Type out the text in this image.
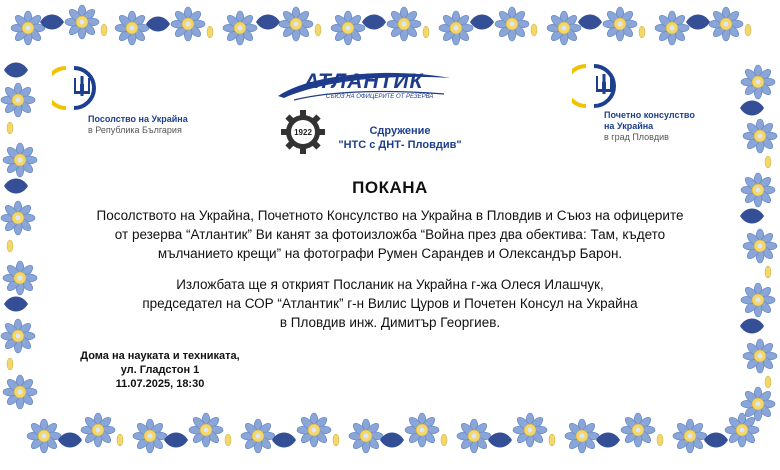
Посолство на Украйна
в Република България
Почетно консулство
на Украйна
в град Пловдив
АТЛАНТИК
СЪЮЗ НА ОФИЦЕРИТЕ ОТ РЕЗЕРВА
1922	Сдружение
"НТС с ДНТ- Пловдив"
ПОКАНА
Посолството на Украйна, Почетното Консулство на Украйна в Пловдив и Съюз на офицерите
от резерва “Атлантик” Ви канят за фотоизложба “Война през два обектива: Там, където
мълчанието крещи” на фотографи Румен Сарандев и Олександър Барон.
Изложбата ще я открият Посланик на Украйна г-жа Олеся Илашчук,
председател на СОР “Атлантик” г-н Вилис Цуров и Почетен Консул на Украйна
в Пловдив инж. Димитър Георгиев.
Дома на науката и техниката,
ул. Гладстон 1
11.07.2025, 18:30
